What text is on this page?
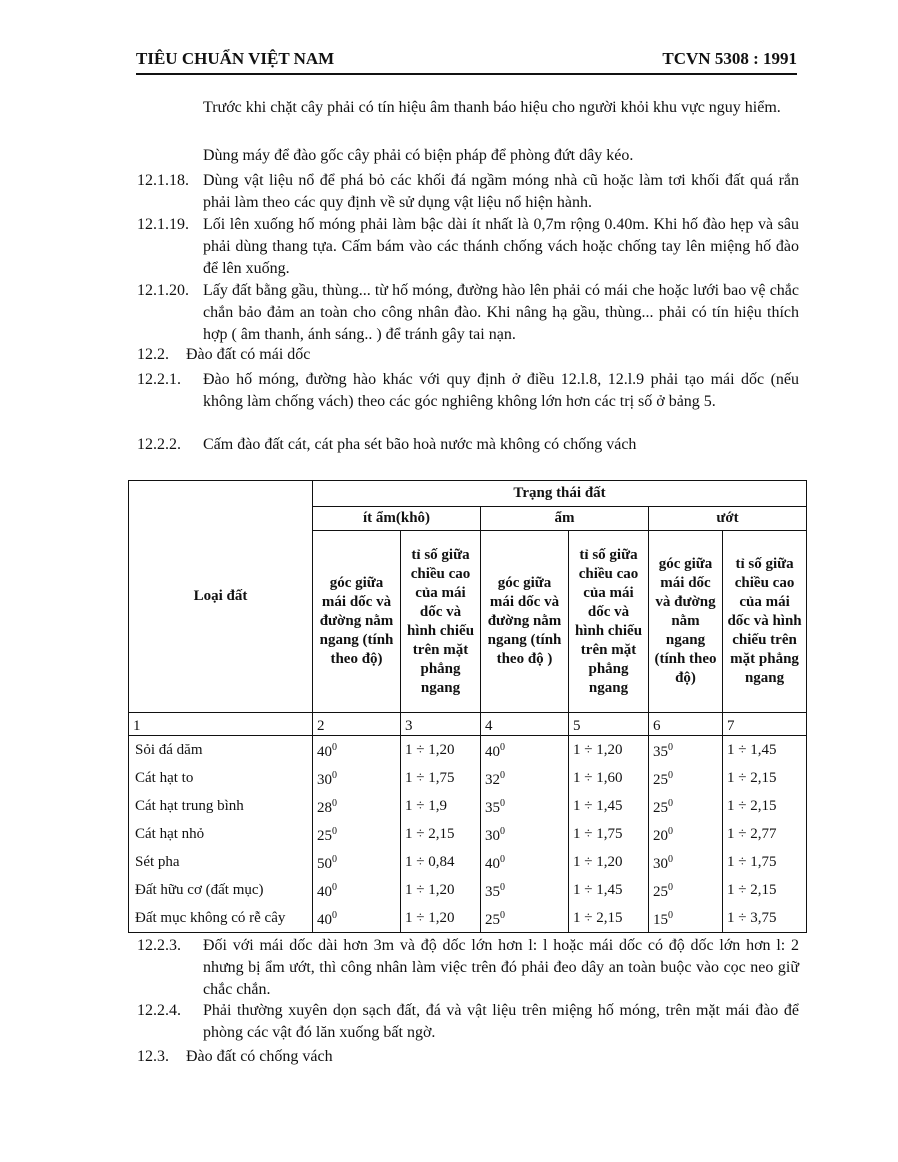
TIÊU CHUẨN VIỆT NAM	TCVN 5308 : 1991
Trước khi chặt cây phải có tín hiệu âm thanh báo hiệu cho người khỏi khu vực nguy hiểm.
Dùng máy để đào gốc cây phải có biện pháp để phòng đứt dây kéo.
12.1.18. Dùng vật liệu nổ để phá bỏ các khối đá ngầm móng nhà cũ hoặc làm tơi khối đất quá rắn phải làm theo các quy định về sử dụng vật liệu nổ hiện hành.
12.1.19. Lối lên xuống hố móng phải làm bậc dài ít nhất là 0,7m rộng 0.40m. Khi hố đào hẹp và sâu phải dùng thang tựa. Cấm bám vào các thánh chống vách hoặc chống tay lên miệng hố đào để lên xuống.
12.1.20. Lấy đất bằng gầu, thùng... từ hố móng, đường hào lên phải có mái che hoặc lưới bao vệ chắc chắn bảo đảm an toàn cho công nhân đào. Khi nâng hạ gầu, thùng... phải có tín hiệu thích hợp ( âm thanh, ánh sáng.. ) để tránh gây tai nạn.
12.2. Đào đất có mái dốc
12.2.1. Đào hố móng, đường hào khác với quy định ở điều 12.l.8, 12.l.9 phải tạo mái dốc (nếu không làm chống vách) theo các góc nghiêng không lớn hơn các trị số ở bảng 5.
12.2.2. Cấm đào đất cát, cát pha sét bão hoà nước mà không có chống vách
Loại đất	Trạng thái đất					
	ít ẩm(khô)		ẩm		ướt	
	góc giữa mái dốc và đường nằm ngang (tính theo độ)	tỉ số giữa chiều cao của mái dốc và hình chiếu trên mặt phẳng ngang	góc giữa mái dốc và đường nằm ngang (tính theo độ )	tỉ số giữa chiều cao của mái dốc và hình chiếu trên mặt phẳng ngang	góc giữa mái dốc và đường nằm ngang (tính theo độ)	tỉ số giữa chiều cao của mái dốc và hình chiếu trên mặt phẳng ngang
1	2	3	4	5	6	7
Sỏi đá dăm	$40^0$	1 ÷ 1,20	$40^0$	1 ÷ 1,20	$35^0$	1 ÷ 1,45
Cát hạt to	$30^0$	1 ÷ 1,75	$32^0$	1 ÷ 1,60	$25^0$	1 ÷ 2,15
Cát hạt trung bình	$28^0$	1 ÷ 1,9	$35^0$	1 ÷ 1,45	$25^0$	1 ÷ 2,15
Cát hạt nhỏ	$25^0$	1 ÷ 2,15	$30^0$	1 ÷ 1,75	$20^0$	1 ÷ 2,77
Sét pha	$50^0$	1 ÷ 0,84	$40^0$	1 ÷ 1,20	$30^0$	1 ÷ 1,75
Đất hữu cơ (đất mục)	$40^0$	1 ÷ 1,20	$35^0$	1 ÷ 1,45	$25^0$	1 ÷ 2,15
Đất mục không có rễ cây	$40^0$	1 ÷ 1,20	$25^0$	1 ÷ 2,15	$15^0$	1 ÷ 3,75
12.2.3. Đối với mái dốc dài hơn 3m và độ dốc lớn hơn l: l hoặc mái dốc có độ dốc lớn hơn l: 2 nhưng bị ẩm ướt, thì công nhân làm việc trên đó phải đeo dây an toàn buộc vào cọc neo giữ chắc chắn.
12.2.4. Phải thường xuyên dọn sạch đất, đá và vật liệu trên miệng hố móng, trên mặt mái đào để phòng các vật đó lăn xuống bất ngờ.
12.3. Đào đất có chống vách
